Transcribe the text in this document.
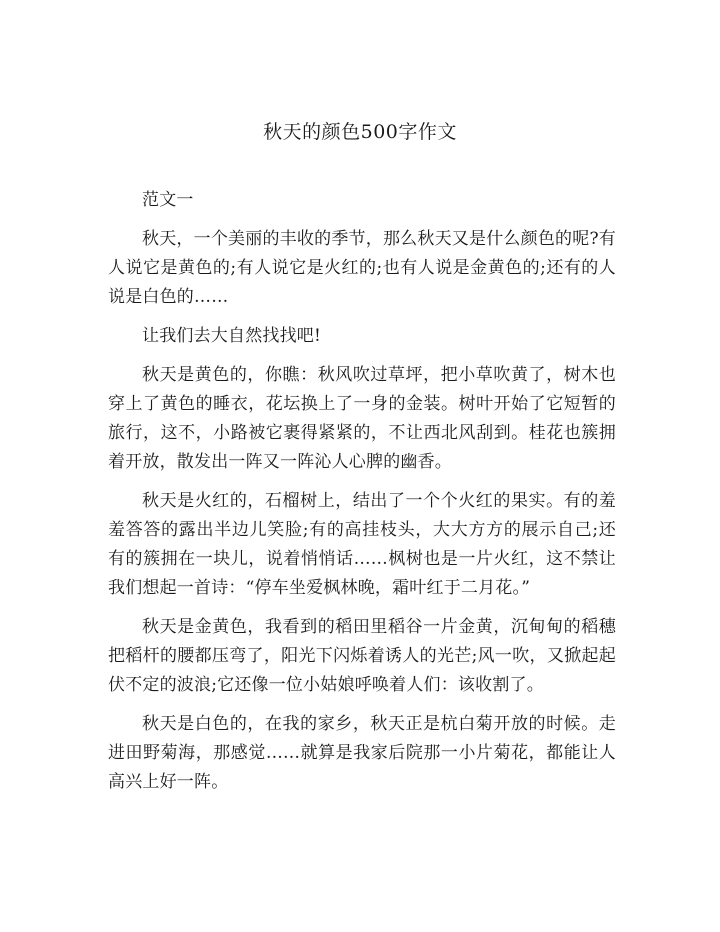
秋天的颜色500字作文

范文一

秋天，一个美丽的丰收的季节，那么秋天又是什么颜色的呢?有人说它是黄色的;有人说它是火红的;也有人说是金黄色的;还有的人说是白色的……

让我们去大自然找找吧!

秋天是黄色的，你瞧：秋风吹过草坪，把小草吹黄了，树木也穿上了黄色的睡衣，花坛换上了一身的金装。树叶开始了它短暂的旅行，这不，小路被它裹得紧紧的，不让西北风刮到。桂花也簇拥着开放，散发出一阵又一阵沁人心脾的幽香。

秋天是火红的，石榴树上，结出了一个个火红的果实。有的羞羞答答的露出半边儿笑脸;有的高挂枝头，大大方方的展示自己;还有的簇拥在一块儿，说着悄悄话……枫树也是一片火红，这不禁让我们想起一首诗：“停车坐爱枫林晚，霜叶红于二月花。”

秋天是金黄色，我看到的稻田里稻谷一片金黄，沉甸甸的稻穗把稻杆的腰都压弯了，阳光下闪烁着诱人的光芒;风一吹，又掀起起伏不定的波浪;它还像一位小姑娘呼唤着人们：该收割了。

秋天是白色的，在我的家乡，秋天正是杭白菊开放的时候。走进田野菊海，那感觉……就算是我家后院那一小片菊花，都能让人高兴上好一阵。
